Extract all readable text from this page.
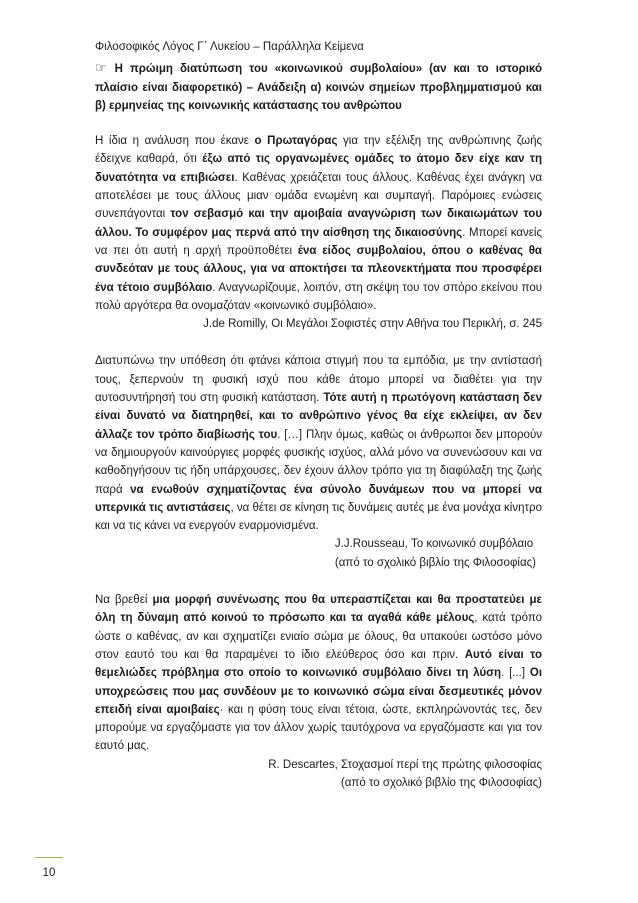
Φιλοσοφικός Λόγος Γ΄ Λυκείου – Παράλληλα Κείμενα

☞ Η πρώιμη διατύπωση του «κοινωνικού συμβολαίου» (αν και το ιστορικό πλαίσιο είναι διαφορετικό) – Ανάδειξη α) κοινών σημείων προβλημματισμού και β) ερμηνείας της κοινωνικής κατάστασης του ανθρώπου

Η ίδια η ανάλυση που έκανε ο Πρωταγόρας για την εξέλιξη της ανθρώπινης ζωής έδειχνε καθαρά, ότι έξω από τις οργανωμένες ομάδες το άτομο δεν είχε καν τη δυνατότητα να επιβιώσει. Καθένας χρειάζεται τους άλλους. Καθένας έχει ανάγκη να αποτελέσει με τους άλλους μιαν ομάδα ενωμένη και συμπαγή. Παρόμοιες ενώσεις συνεπάγονται τον σεβασμό και την αμοιβαία αναγνώριση των δικαιωμάτων του άλλου. Το συμφέρον μας περνά από την αίσθηση της δικαιοσύνης. Μπορεί κανείς να πει ότι αυτή η αρχή προϋποθέτει ένα είδος συμβολαίου, όπου ο καθένας θα συνδεόταν με τους άλλους, για να αποκτήσει τα πλεονεκτήματα που προσφέρει ένα τέτοιο συμβόλαιο. Αναγνωρίζουμε, λοιπόν, στη σκέψη του τον σπόρο εκείνου που πολύ αργότερα θα ονομαζόταν «κοινωνικό συμβόλαιο».

J.de Romilly, Οι Μεγάλοι Σοφιστές στην Αθήνα του Περικλή, σ. 245

Διατυπώνω την υπόθεση ότι φτάνει κάποια στιγμή που τα εμπόδια, με την αντίστασή τους, ξεπερνούν τη φυσική ισχύ που κάθε άτομο μπορεί να διαθέτει για την αυτοσυντήρησή του στη φυσική κατάσταση. Τότε αυτή η πρωτόγονη κατάσταση δεν είναι δυνατό να διατηρηθεί, και το ανθρώπινο γένος θα είχε εκλείψει, αν δεν άλλαζε τον τρόπο διαβίωσής του. […] Πλην όμως, καθώς οι άνθρωποι δεν μπορούν να δημιουργούν καινούργιες μορφές φυσικής ισχύος, αλλά μόνο να συνενώσουν και να καθοδηγήσουν τις ήδη υπάρχουσες, δεν έχουν άλλον τρόπο για τη διαφύλαξη της ζωής παρά να ενωθούν σχηματίζοντας ένα σύνολο δυνάμεων που να μπορεί να υπερνικά τις αντιστάσεις, να θέτει σε κίνηση τις δυνάμεις αυτές με ένα μονάχα κίνητρο και να τις κάνει να ενεργούν εναρμονισμένα.

J.J.Rousseau, Το κοινωνικό συμβόλαιο

(από το σχολικό βιβλίο της Φιλοσοφίας)

Να βρεθεί μια μορφή συνένωσης που θα υπερασπίζεται και θα προστατεύει με όλη τη δύναμη από κοινού το πρόσωπο και τα αγαθά κάθε μέλους, κατά τρόπο ώστε ο καθένας, αν και σχηματίζει ενιαίο σώμα με όλους, θα υπακούει ωστόσο μόνο στον εαυτό του και θα παραμένει το ίδιο ελεύθερος όσο και πριν. Αυτό είναι το θεμελιώδες πρόβλημα στο οποίο το κοινωνικό συμβόλαιο δίνει τη λύση. [...] Οι υποχρεώσεις που μας συνδέουν με το κοινωνικό σώμα είναι δεσμευτικές μόνον επειδή είναι αμοιβαίες· και η φύση τους είναι τέτοια, ώστε, εκπληρώνοντάς τες, δεν μπορούμε να εργαζόμαστε για τον άλλον χωρίς ταυτόχρονα να εργαζόμαστε και για τον εαυτό μας.

R. Descartes, Στοχασμοί περί της πρώτης φιλοσοφίας

(από το σχολικό βιβλίο της Φιλοσοφίας)

10
